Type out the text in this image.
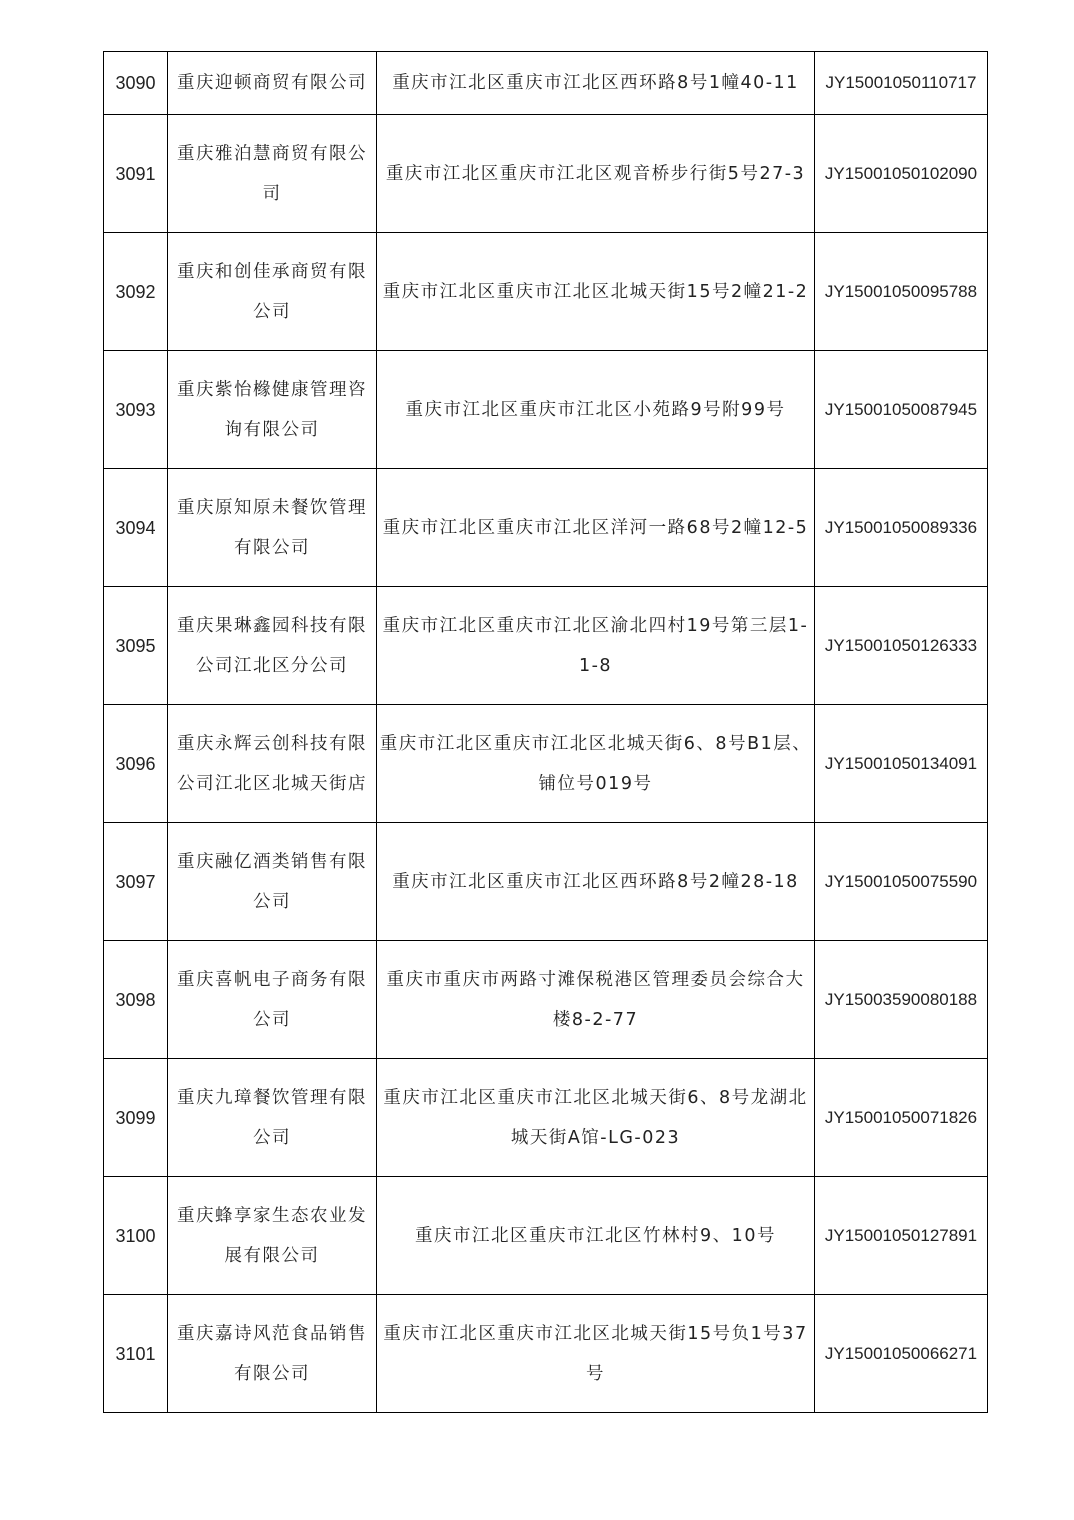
3090	重庆迎顿商贸有限公司	重庆市江北区重庆市江北区西环路8号1幢40-11	JY15001050110717
3091	重庆雅泊慧商贸有限公司	重庆市江北区重庆市江北区观音桥步行街5号27-3	JY15001050102090
3092	重庆和创佳承商贸有限公司	重庆市江北区重庆市江北区北城天街15号2幢21-2	JY15001050095788
3093	重庆紫怡橼健康管理咨询有限公司	重庆市江北区重庆市江北区小苑路9号附99号	JY15001050087945
3094	重庆原知原未餐饮管理有限公司	重庆市江北区重庆市江北区洋河一路68号2幢12-5	JY15001050089336
3095	重庆果琳鑫园科技有限公司江北区分公司	重庆市江北区重庆市江北区渝北四村19号第三层1-1-8	JY15001050126333
3096	重庆永辉云创科技有限公司江北区北城天街店	重庆市江北区重庆市江北区北城天街6、8号B1层、铺位号019号	JY15001050134091
3097	重庆融亿酒类销售有限公司	重庆市江北区重庆市江北区西环路8号2幢28-18	JY15001050075590
3098	重庆喜帆电子商务有限公司	重庆市重庆市两路寸滩保税港区管理委员会综合大楼8-2-77	JY15003590080188
3099	重庆九璋餐饮管理有限公司	重庆市江北区重庆市江北区北城天街6、8号龙湖北城天街A馆-LG-023	JY15001050071826
3100	重庆蜂享家生态农业发展有限公司	重庆市江北区重庆市江北区竹林村9、10号	JY15001050127891
3101	重庆嘉诗风范食品销售有限公司	重庆市江北区重庆市江北区北城天街15号负1号37号	JY15001050066271
